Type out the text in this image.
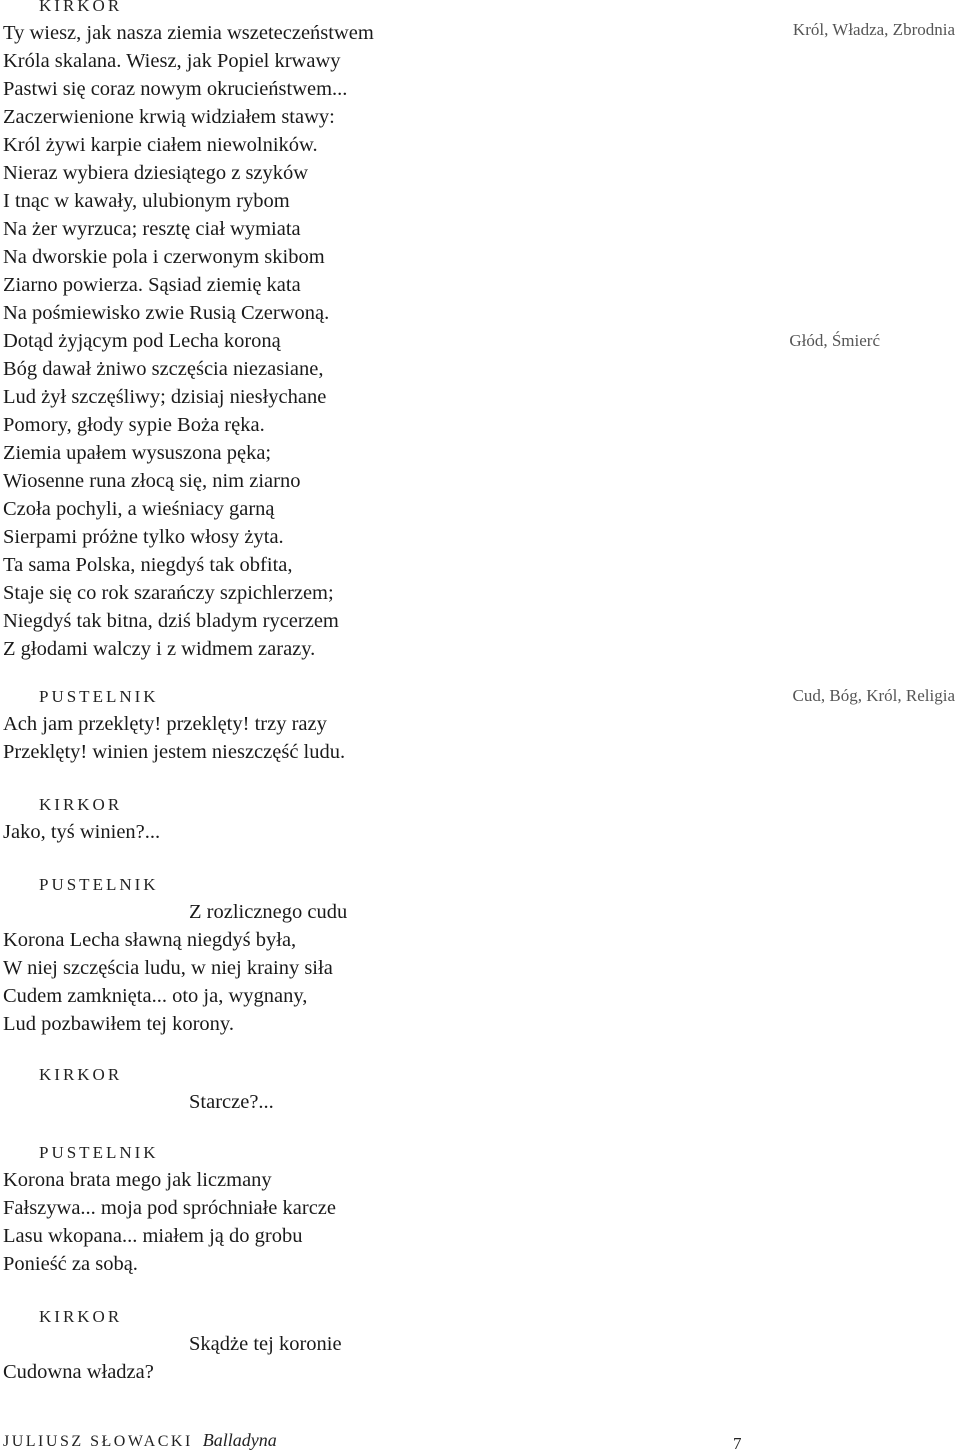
KIRKOR
Ty wiesz, jak nasza ziemia wszeteczeństwem
Króla skalana. Wiesz, jak Popiel krwawy
Pastwi się coraz nowym okrucieństwem...
Zaczerwienione krwią widziałem stawy:
Król żywi karpie ciałem niewolników.
Nieraz wybiera dziesiątego z szyków
I tnąc w kawały, ulubionym rybom
Na żer wyrzuca; resztę ciał wymiata
Na dworskie pola i czerwonym skibom
Ziarno powierza. Sąsiad ziemię kata
Na pośmiewisko zwie Rusią Czerwoną.
Dotąd żyjącym pod Lecha koroną
Bóg dawał żniwo szczęścia niezasiane,
Lud żył szczęśliwy; dzisiaj niesłychane
Pomory, głody sypie Boża ręka.
Ziemia upałem wysuszona pęka;
Wiosenne runa złocą się, nim ziarno
Czoła pochyli, a wieśniacy garną
Sierpami próżne tylko włosy żyta.
Ta sama Polska, niegdyś tak obfita,
Staje się co rok szarańczy szpichlerzem;
Niegdyś tak bitna, dziś bladym rycerzem
Z głodami walczy i z widmem zarazy.
PUSTELNIK
Ach jam przeklęty! przeklęty! trzy razy
Przeklęty! winien jestem nieszczęść ludu.
KIRKOR
Jako, tyś winien?...
PUSTELNIK
Z rozlicznego cudu
Korona Lecha sławną niegdyś była,
W niej szczęścia ludu, w niej krainy siła
Cudem zamknięta... oto ja, wygnany,
Lud pozbawiłem tej korony.
KIRKOR
Starcze?...
PUSTELNIK
Korona brata mego jak liczmany
Fałszywa... moja pod spróchniałe karcze
Lasu wkopana... miałem ją do grobu
Ponieść za sobą.
KIRKOR
Skądże tej koronie
Cudowna władza?
Król, Władza, Zbrodnia
Głód, Śmierć
Cud, Bóg, Król, Religia
JULIUSZ SŁOWACKI Balladyna	7
